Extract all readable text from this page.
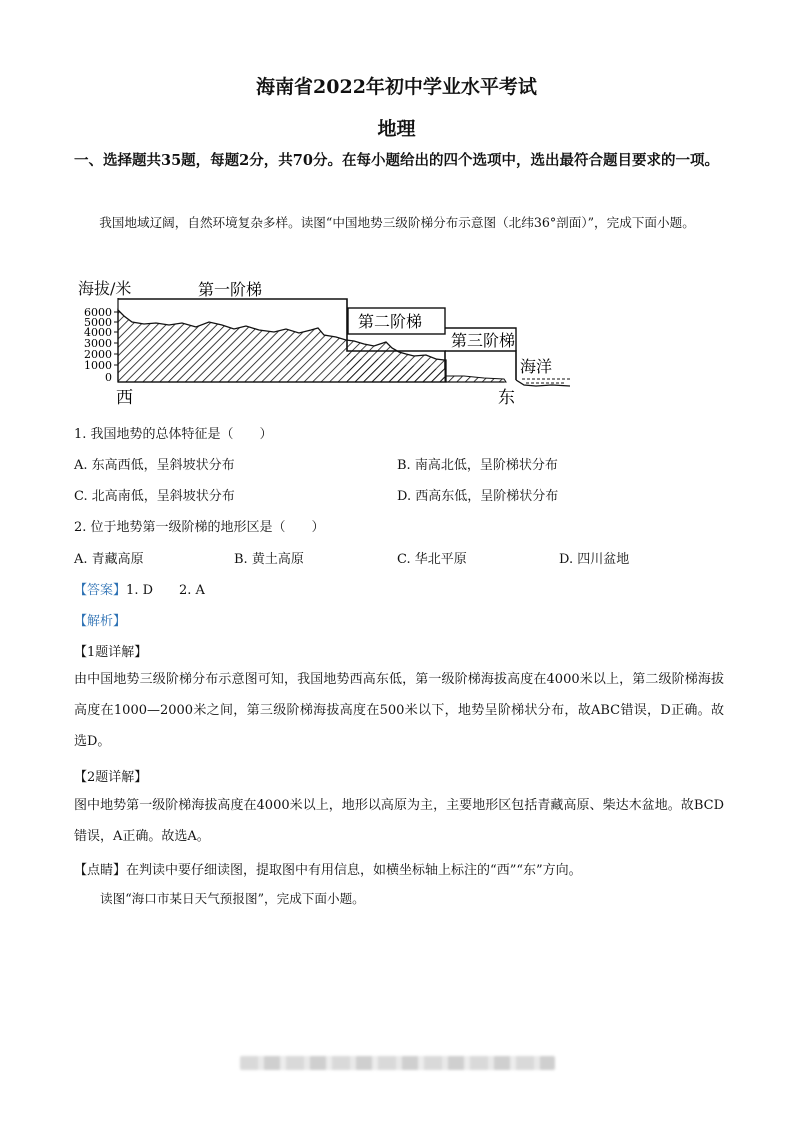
海南省2022年初中学业水平考试
地理
一、选择题共35题，每题2分，共70分。在每小题给出的四个选项中，选出最符合题目要求的一项。
我国地域辽阔，自然环境复杂多样。读图“中国地势三级阶梯分布示意图（北纬36°剖面）”，完成下面小题。
海拔/米
6000
5000
4000
3000
2000
1000
0
第一阶梯
第二阶梯
第三阶梯
海洋
西	东
1. 我国地势的总体特征是（　　）
A. 东高西低，呈斜坡状分布	B. 南高北低，呈阶梯状分布
C. 北高南低，呈斜坡状分布	D. 西高东低，呈阶梯状分布
2. 位于地势第一级阶梯的地形区是（　　）
A. 青藏高原	B. 黄土高原	C. 华北平原	D. 四川盆地
【答案】1. D　　2. A
【解析】
【1题详解】
由中国地势三级阶梯分布示意图可知，我国地势西高东低，第一级阶梯海拔高度在4000米以上，第二级阶梯海拔高度在1000—2000米之间，第三级阶梯海拔高度在500米以下，地势呈阶梯状分布，故ABC错误，D正确。故选D。
【2题详解】
图中地势第一级阶梯海拔高度在4000米以上，地形以高原为主，主要地形区包括青藏高原、柴达木盆地。故BCD错误，A正确。故选A。
【点睛】在判读中要仔细读图，提取图中有用信息，如横坐标轴上标注的“西”“东”方向。
读图“海口市某日天气预报图”，完成下面小题。
